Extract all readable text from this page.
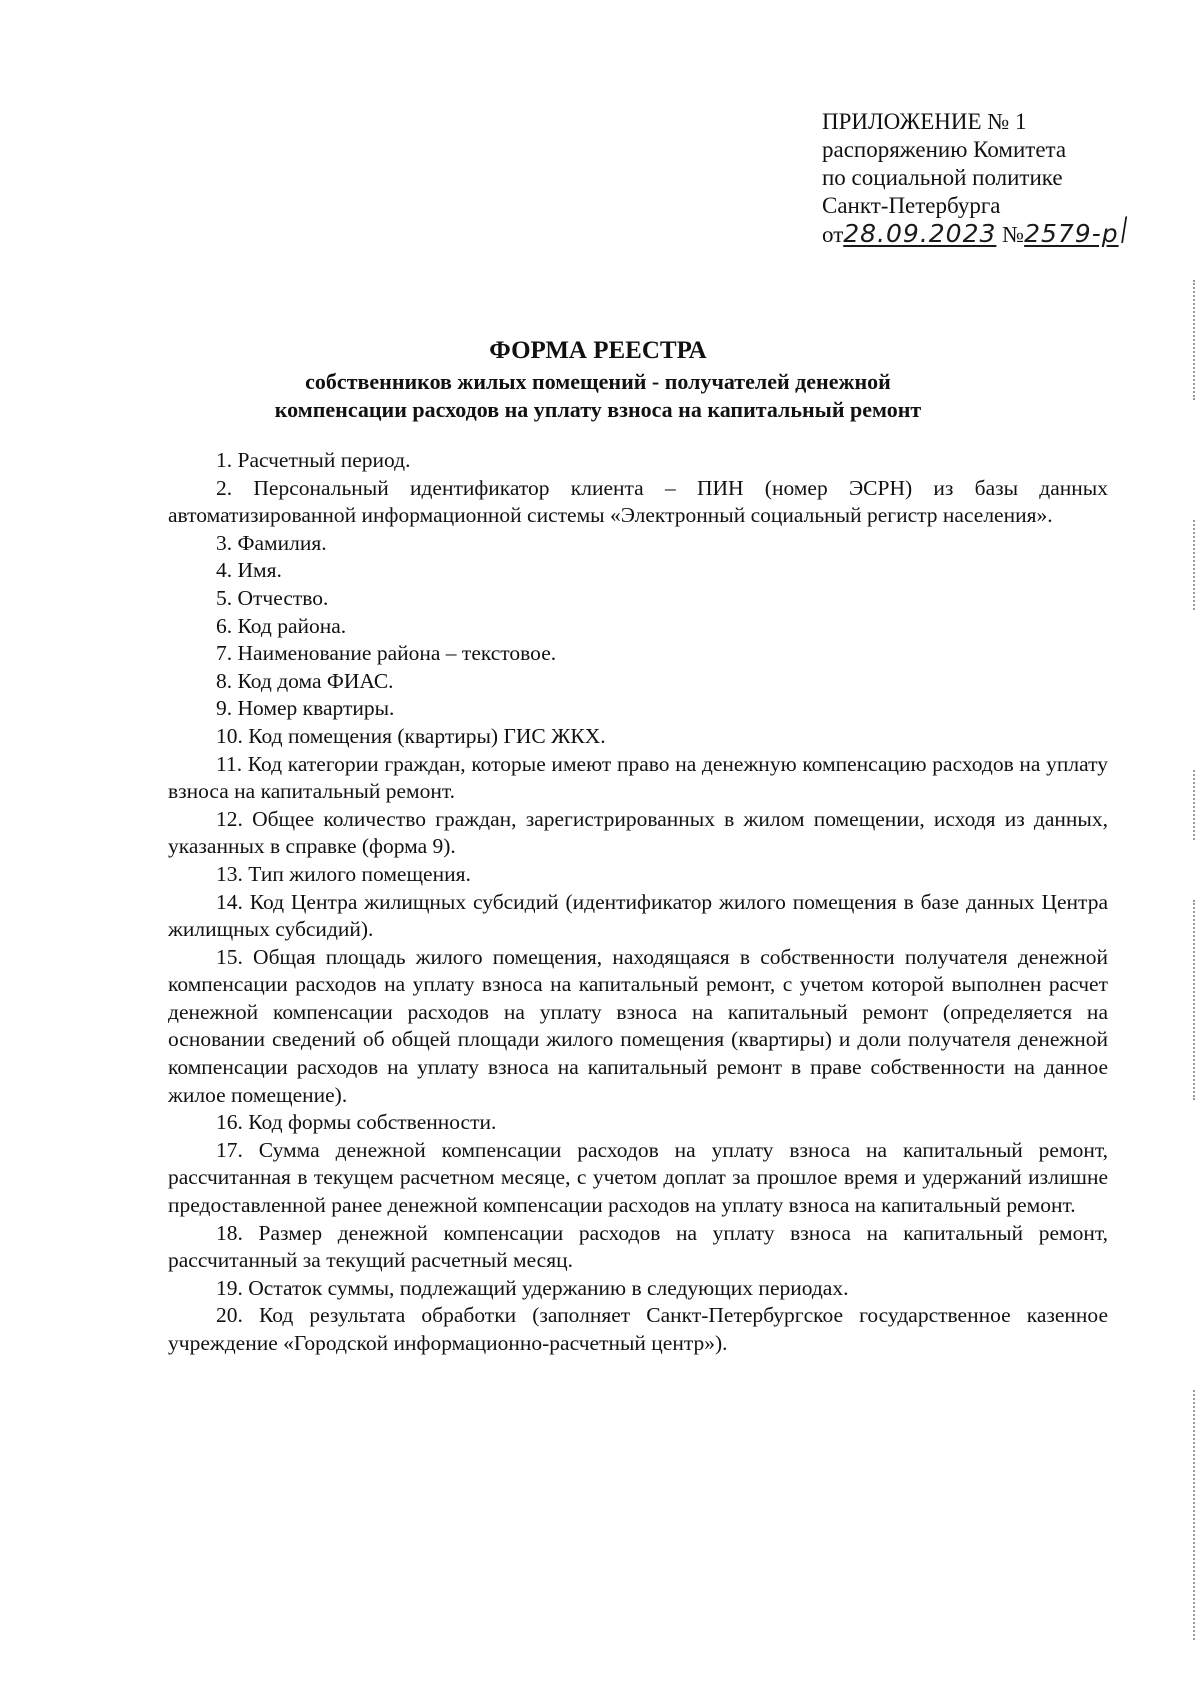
ПРИЛОЖЕНИЕ № 1
распоряжению Комитета
по социальной политике
Санкт-Петербурга
от28.09.2023 №2579-р/
ФОРМА РЕЕСТРА
собственников жилых помещений - получателей денежной
компенсации расходов на уплату взноса на капитальный ремонт

1. Расчетный период.

2. Персональный идентификатор клиента – ПИН (номер ЭСРН) из базы данных автоматизированной информационной системы «Электронный социальный регистр населения».

3. Фамилия.

4. Имя.

5. Отчество.

6. Код района.

7. Наименование района – текстовое.

8. Код дома ФИАС.

9. Номер квартиры.

10. Код помещения (квартиры) ГИС ЖКХ.

11. Код категории граждан, которые имеют право на денежную компенсацию расходов на уплату взноса на капитальный ремонт.

12. Общее количество граждан, зарегистрированных в жилом помещении, исходя из данных, указанных в справке (форма 9).

13. Тип жилого помещения.

14. Код Центра жилищных субсидий (идентификатор жилого помещения в базе данных Центра жилищных субсидий).

15. Общая площадь жилого помещения, находящаяся в собственности получателя денежной компенсации расходов на уплату взноса на капитальный ремонт, с учетом которой выполнен расчет денежной компенсации расходов на уплату взноса на капитальный ремонт (определяется на основании сведений об общей площади жилого помещения (квартиры) и доли получателя денежной компенсации расходов на уплату взноса на капитальный ремонт в праве собственности на данное жилое помещение).

16. Код формы собственности.

17. Сумма денежной компенсации расходов на уплату взноса на капитальный ремонт, рассчитанная в текущем расчетном месяце, с учетом доплат за прошлое время и удержаний излишне предоставленной ранее денежной компенсации расходов на уплату взноса на капитальный ремонт.

18. Размер денежной компенсации расходов на уплату взноса на капитальный ремонт, рассчитанный за текущий расчетный месяц.

19. Остаток суммы, подлежащий удержанию в следующих периодах.

20. Код результата обработки (заполняет Санкт-Петербургское государственное казенное учреждение «Городской информационно-расчетный центр»).
